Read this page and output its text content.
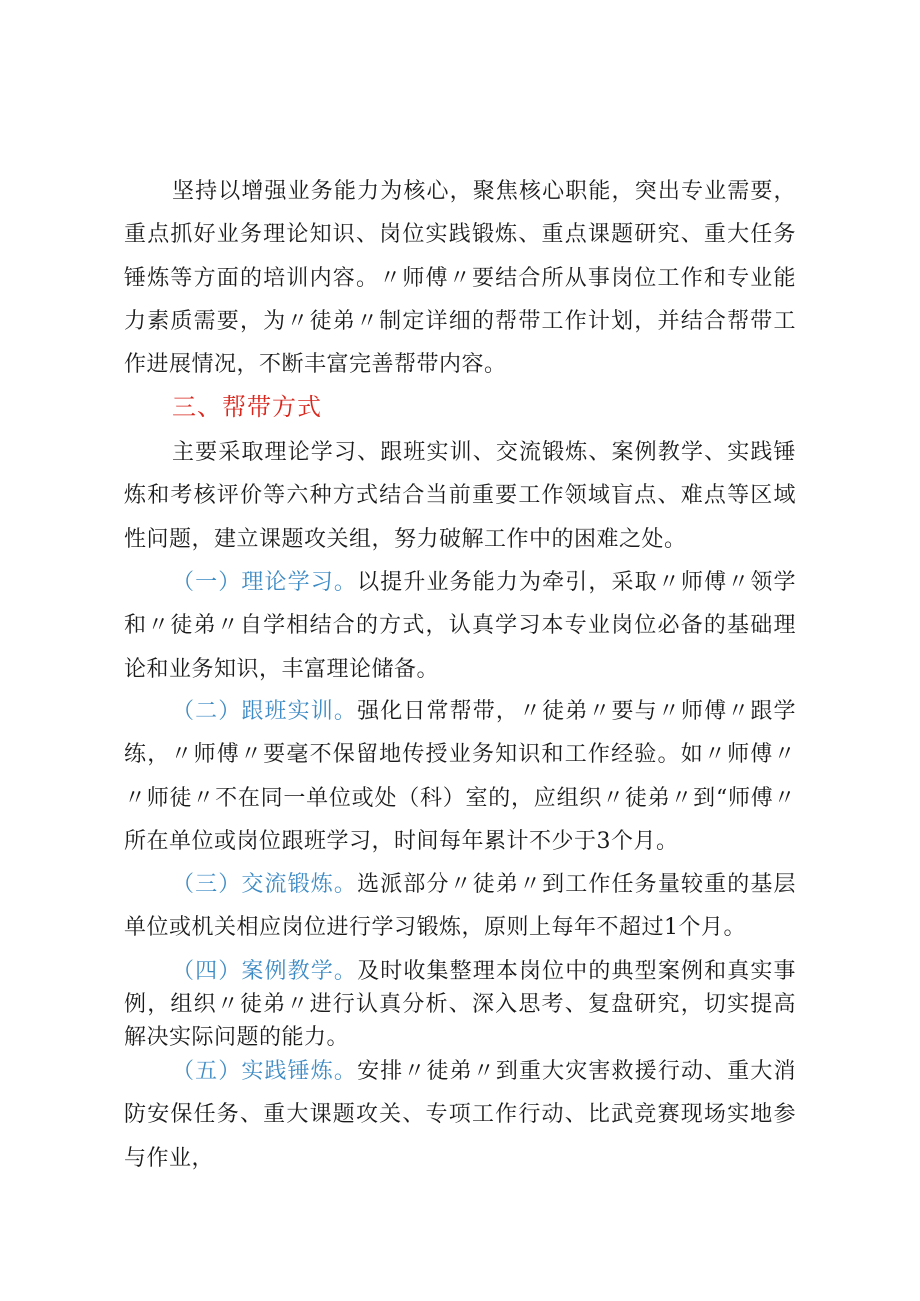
坚持以增强业务能力为核心，聚焦核心职能，突出专业需要，重点抓好业务理论知识、岗位实践锻炼、重点课题研究、重大任务锤炼等方面的培训内容。〃师傅〃要结合所从事岗位工作和专业能力素质需要，为〃徒弟〃制定详细的帮带工作计划，并结合帮带工作进展情况，不断丰富完善帮带内容。

三、帮带方式

主要采取理论学习、跟班实训、交流锻炼、案例教学、实践锤炼和考核评价等六种方式结合当前重要工作领域盲点、难点等区域性问题，建立课题攻关组，努力破解工作中的困难之处。

（一）理论学习。以提升业务能力为牵引，采取〃师傅〃领学和〃徒弟〃自学相结合的方式，认真学习本专业岗位必备的基础理论和业务知识，丰富理论储备。

（二）跟班实训。强化日常帮带，〃徒弟〃要与〃师傅〃跟学练，〃师傅〃要毫不保留地传授业务知识和工作经验。如〃师傅〃〃师徒〃不在同一单位或处（科）室的，应组织〃徒弟〃到“师傅〃所在单位或岗位跟班学习，时间每年累计不少于3个月。

（三）交流锻炼。选派部分〃徒弟〃到工作任务量较重的基层单位或机关相应岗位进行学习锻炼，原则上每年不超过1个月。

（四）案例教学。及时收集整理本岗位中的典型案例和真实事例，组织〃徒弟〃进行认真分析、深入思考、复盘研究，切实提高解决实际问题的能力。

（五）实践锤炼。安排〃徒弟〃到重大灾害救援行动、重大消防安保任务、重大课题攻关、专项工作行动、比武竞赛现场实地参与作业，
